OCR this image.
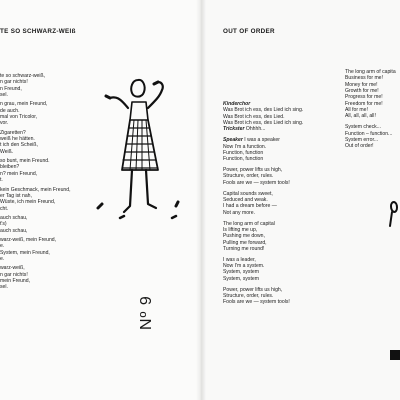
TE SO SCHWARZ-WEIß
te so schwarz-weiß,
n gar nichts!
n Freund,
sel.

n grau, mein Freund,
de auch.
mal von Tricolor,
vor.

Zigaretten?
weiß he hätten.
t ich den Scheiß,
Weiß.

so bunt, mein Freund.
bleiben?
n? mein Freund,
t.

kein Geschmack, mein Freund,
er Tag ist nah,
Wüste, ich mein Freund,
cht.

auch schau,
t's)
auch schau,

warz-weiß, mein Freund,
e.
System, mein Freund,
e.

warz-weiß,
n gar nichts!
mein Freund,
sel.
Nº 9
OUT OF ORDER
Kinderchor
Was Brot ich ess, des Lied ich sing.
Was Brot ich ess, des Lied.
Was Brot ich ess, des Lied ich sing.
Trickster Ohhhh...
Speaker I was a speaker
Now I'm a function.
Function, function
Function, function
Power, power lifts us high,
Structure, order, rules.
Fools are we — system tools!
Capital sounds sweet,
Seduced and weak.
I had a dream before —
Not any more.
The long arm of capital
Is lifting me up,
Pushing me down,
Pulling me forward,
Turning me round!
I was a leader,
Now I'm a system.
System, system
System, system
Power, power lifts us high,
Structure, order, rules.
Fools are we — system tools!
The long arm of capita
Business for me!
Money for me!
Growth for me!
Progress for me!
Freedom for me!
All for me!
All, all, all, all!
System check...
Function – function...
System error...
Out of order!
